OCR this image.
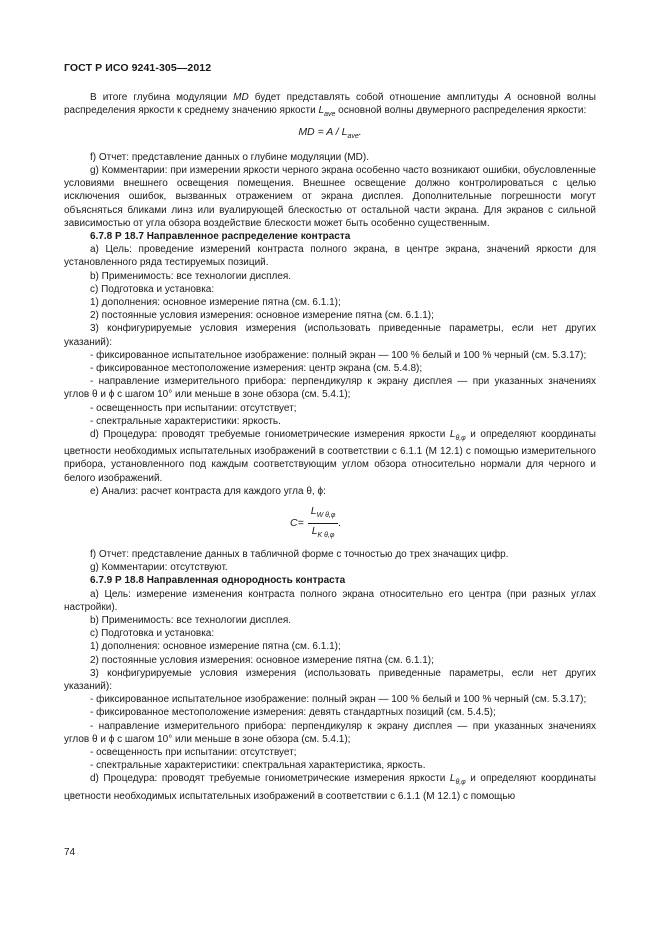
ГОСТ Р ИСО 9241-305—2012

В итоге глубина модуляции MD будет представлять собой отношение амплитуды A основной волны распределения яркости к среднему значению яркости $L_{ave}$ основной волны двумерного распределения яркости:

MD = A / $L_{ave}$.

f) Отчет: представление данных о глубине модуляции (MD).

g) Комментарии: при измерении яркости черного экрана особенно часто возникают ошибки, обусловленные условиями внешнего освещения помещения. Внешнее освещение должно контролироваться с целью исключения ошибок, вызванных отражением от экрана дисплея. Дополнительные погрешности могут объясняться бликами линз или вуалирующей блескостью от остальной части экрана. Для экранов с сильной зависимостью от угла обзора воздействие блескости может быть особенно существенным.

6.7.8 Р 18.7 Направленное распределение контраста

а) Цель: проведение измерений контраста полного экрана, в центре экрана, значений яркости для установленного ряда тестируемых позиций.

b) Применимость: все технологии дисплея.

c) Подготовка и установка:

1) дополнения: основное измерение пятна (см. 6.1.1);

2) постоянные условия измерения: основное измерение пятна (см. 6.1.1);

3) конфигурируемые условия измерения (использовать приведенные параметры, если нет других указаний):

- фиксированное испытательное изображение: полный экран — 100 % белый и 100 % черный (см. 5.3.17);

- фиксированное местоположение измерения: центр экрана (см. 5.4.8);

- направление измерительного прибора: перпендикуляр к экрану дисплея — при указанных значениях углов θ и ϕ с шагом 10° или меньше в зоне обзора (см. 5.4.1);

- освещенность при испытании: отсутствует;

- спектральные характеристики: яркость.

d) Процедура: проводят требуемые гониометрические измерения яркости $L_{\theta,\varphi}$ и определяют координаты цветности необходимых испытательных изображений в соответствии с 6.1.1 (М 12.1) с помощью измерительного прибора, установленного под каждым соответствующим углом обзора относительно нормали для черного и белого изображений.

е) Анализ: расчет контраста для каждого угла θ, ϕ:

$C = \frac{L_{W \theta,\varphi}}{L_{K \theta,\varphi}}$ .

f) Отчет: представление данных в табличной форме с точностью до трех значащих цифр.

g) Комментарии: отсутствуют.

6.7.9 Р 18.8 Направленная однородность контраста

а) Цель: измерение изменения контраста полного экрана относительно его центра (при разных углах настройки).

b) Применимость: все технологии дисплея.

c) Подготовка и установка:

1) дополнения: основное измерение пятна (см. 6.1.1);

2) постоянные условия измерения: основное измерение пятна (см. 6.1.1);

3) конфигурируемые условия измерения (использовать приведенные параметры, если нет других указаний):

- фиксированное испытательное изображение: полный экран — 100 % белый и 100 % черный (см. 5.3.17);

- фиксированное местоположение измерения: девять стандартных позиций (см. 5.4.5);

- направление измерительного прибора: перпендикуляр к экрану дисплея — при указанных значениях углов θ и ϕ с шагом 10° или меньше в зоне обзора (см. 5.4.1);

- освещенность при испытании: отсутствует;

- спектральные характеристики: спектральная характеристика, яркость.

d) Процедура: проводят требуемые гониометрические измерения яркости $L_{\theta,\varphi}$ и определяют координаты цветности необходимых испытательных изображений в соответствии с 6.1.1 (М 12.1) с помощью

74
